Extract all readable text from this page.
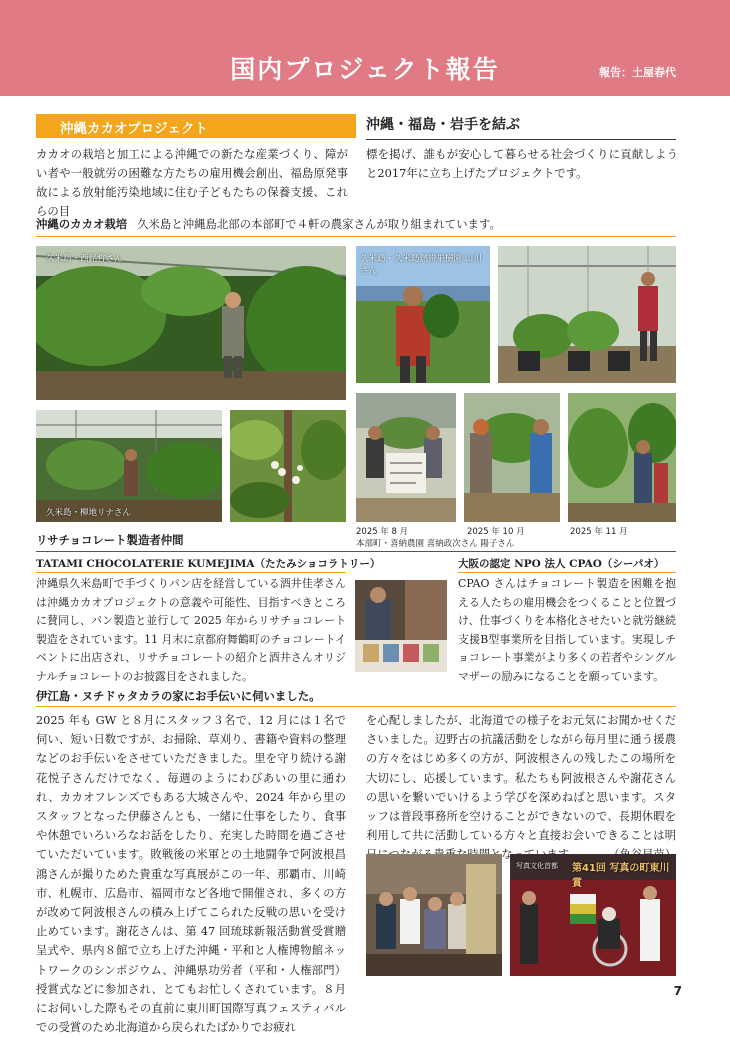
国内プロジェクト報告	報告：土屋春代
沖縄カカオプロジェクト	沖縄・福島・岩手を結ぶ
カカオの栽培と加工による沖縄での新たな産業づくり、障がい者や一般就労の困難な方たちの雇用機会創出、福島原発事故による放射能汚染地域に住む子どもたちの保養支援、これらの目
標を掲げ、誰もが安心して暮らせる社会づくりに貢献しようと2017年に立ち上げたプロジェクトです。
沖縄のカカオ栽培 久米島と沖縄島北部の本部町で４軒の農家さんが取り組まれています。
久米島・西銘哲さん	久米島・久米島熱帯果樹園 山川さん
久米島・柳地リナさん
2025 年 8 月	2025 年 10 月	2025 年 11 月
本部町・喜納農園 喜納政次さん 陽子さん
リサチョコレート製造者仲間
TATAMI CHOCOLATERIE KUMEJIMA（たたみショコラトリー）
沖縄県久米島町で手づくりパン店を経営している酒井佳孝さんは沖縄カカオプロジェクトの意義や可能性、目指すべきところに賛同し、パン製造と並行して 2025 年からリサチョコレート製造をされています。11 月末に京都府舞鶴町のチョコレートイベントに出店され、リサチョコレートの紹介と酒井さんオリジナルチョコレートのお披露目をされました。
大阪の認定 NPO 法人 CPAO（シーパオ）
CPAO さんはチョコレート製造を困難を抱える人たちの雇用機会をつくることと位置づけ、仕事づくりを本格化させたいと就労継続支援B型事業所を目指しています。実現しチョコレート事業がより多くの若者やシングルマザーの励みになることを願っています。
伊江島・ヌチドゥタカラの家にお手伝いに伺いました。
2025 年も GW と８月にスタッフ３名で、12 月には１名で伺い、短い日数ですが、お掃除、草刈り、書籍や資料の整理などのお手伝いをさせていただきました。里を守り続ける謝花悦子さんだけでなく、毎週のようにわびあいの里に通われ、カカオフレンズでもある大城さんや、2024 年から里のスタッフとなった伊藤さんとも、一緒に仕事をしたり、食事や休憩でいろいろなお話をしたり、充実した時間を過ごさせていただいています。敗戦後の米軍との土地闘争で阿波根昌鴻さんが撮りためた貴重な写真展がこの一年、那覇市、川崎市、札幌市、広島市、福岡市など各地で開催され、多くの方が改めて阿波根さんの積み上げてこられた反戦の思いを受け止めています。謝花さんは、第 47 回琉球新報活動賞受賞贈呈式や、県内８館で立ち上げた沖縄・平和と人権博物館ネットワークのシンポジウム、沖縄県功労者（平和・人権部門）授賞式などに参加され、とてもお忙しくされています。８月にお伺いした際もその直前に東川町国際写真フェスティバルでの受賞のため北海道から戻られたばかりでお疲れ
を心配しましたが、北海道での様子をお元気にお聞かせくださいました。辺野古の抗議活動をしながら毎月里に通う援農の方々をはじめ多くの方が、阿波根さんの残したこの場所を大切にし、応援しています。私たちも阿波根さんや謝花さんの思いを繋いでいけるよう学びを深めねばと思います。スタッフは普段事務所を空けることができないので、長期休暇を利用して共に活動している方々と直接お会いできることは明 貴重な時間となっています。
写真文化首都 第41回 写真の町東川賞
7
